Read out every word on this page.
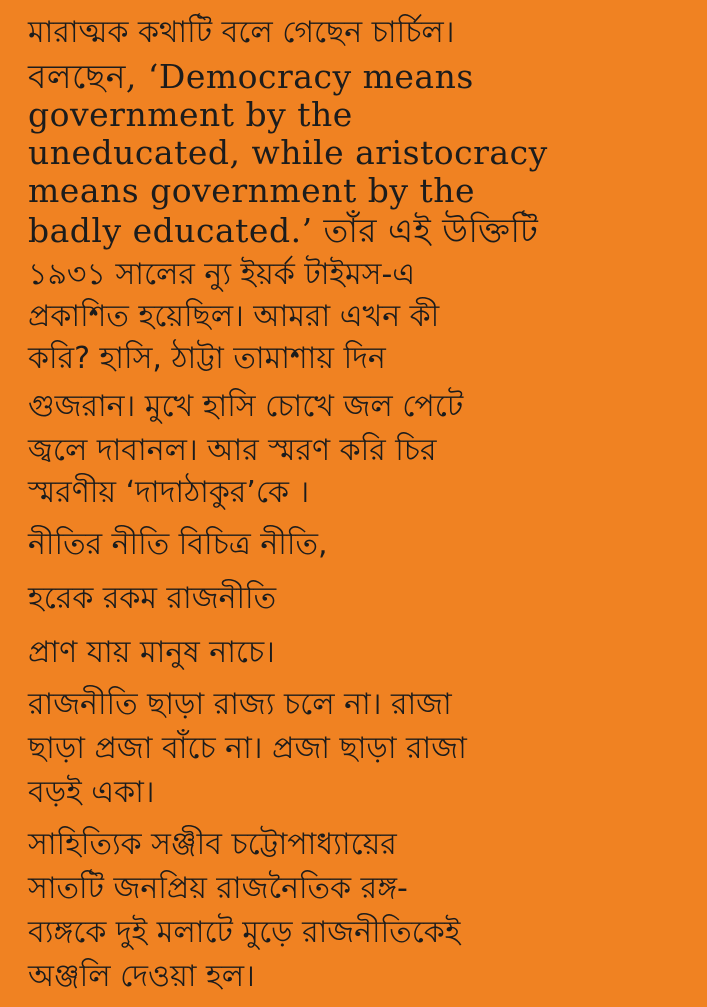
মারাত্মক কথাটি বলে গেছেন চার্চিল।
বলছেন, ‘Democracy means
government by the
uneducated, while aristocracy
means government by the
badly educated.’ তাঁর এই উক্তিটি
১৯৩১ সালের ন্যু ইয়র্ক টাইমস-এ
প্রকাশিত হয়েছিল। আমরা এখন কী
করি? হাসি, ঠাট্টা তামাশায় দিন
গুজরান। মুখে হাসি চোখে জল পেটে
জ্বলে দাবানল। আর স্মরণ করি চির
স্মরণীয় ‘দাদাঠাকুর’কে ।
নীতির নীতি বিচিত্র নীতি,
হরেক রকম রাজনীতি
প্রাণ যায় মানুষ নাচে।
রাজনীতি ছাড়া রাজ্য চলে না। রাজা
ছাড়া প্রজা বাঁচে না। প্রজা ছাড়া রাজা
বড়ই একা।
সাহিত্যিক সঞ্জীব চট্টোপাধ্যায়ের
সাতটি জনপ্রিয় রাজনৈতিক রঙ্গ-
ব্যঙ্গকে দুই মলাটে মুড়ে রাজনীতিকেই
অঞ্জলি দেওয়া হল।
